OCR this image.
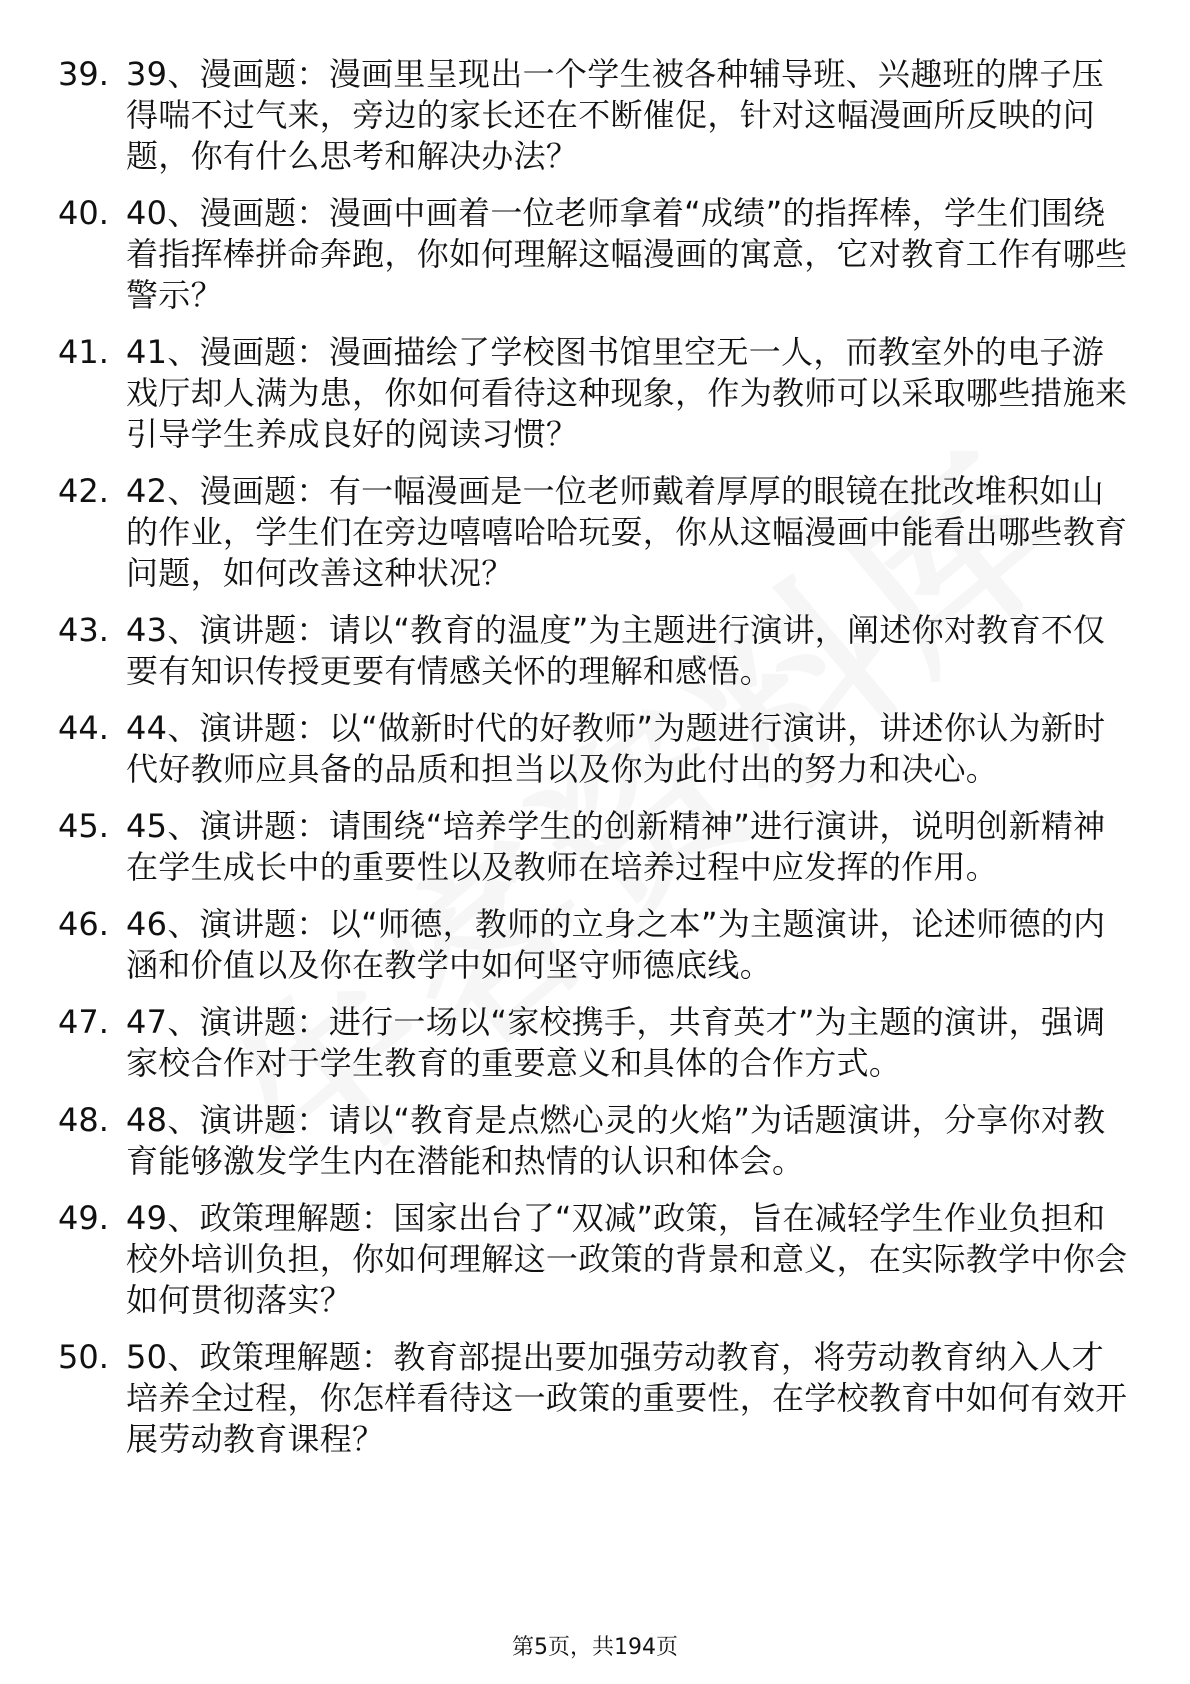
39. 39、漫画题：漫画里呈现出一个学生被各种辅导班、兴趣班的牌子压得喘不过气来，旁边的家长还在不断催促，针对这幅漫画所反映的问题，你有什么思考和解决办法？
40. 40、漫画题：漫画中画着一位老师拿着“成绩”的指挥棒，学生们围绕着指挥棒拼命奔跑，你如何理解这幅漫画的寓意，它对教育工作有哪些警示？
41. 41、漫画题：漫画描绘了学校图书馆里空无一人，而教室外的电子游戏厅却人满为患，你如何看待这种现象，作为教师可以采取哪些措施来引导学生养成良好的阅读习惯？
42. 42、漫画题：有一幅漫画是一位老师戴着厚厚的眼镜在批改堆积如山的作业，学生们在旁边嘻嘻哈哈玩耍，你从这幅漫画中能看出哪些教育问题，如何改善这种状况？
43. 43、演讲题：请以“教育的温度”为主题进行演讲，阐述你对教育不仅要有知识传授更要有情感关怀的理解和感悟。
44. 44、演讲题：以“做新时代的好教师”为题进行演讲，讲述你认为新时代好教师应具备的品质和担当以及你为此付出的努力和决心。
45. 45、演讲题：请围绕“培养学生的创新精神”进行演讲，说明创新精神在学生成长中的重要性以及教师在培养过程中应发挥的作用。
46. 46、演讲题：以“师德，教师的立身之本”为主题演讲，论述师德的内涵和价值以及你在教学中如何坚守师德底线。
47. 47、演讲题：进行一场以“家校携手，共育英才”为主题的演讲，强调家校合作对于学生教育的重要意义和具体的合作方式。
48. 48、演讲题：请以“教育是点燃心灵的火焰”为话题演讲，分享你对教育能够激发学生内在潜能和热情的认识和体会。
49. 49、政策理解题：国家出台了“双减”政策，旨在减轻学生作业负担和校外培训负担，你如何理解这一政策的背景和意义，在实际教学中你会如何贯彻落实？
50. 50、政策理解题：教育部提出要加强劳动教育，将劳动教育纳入人才培养全过程，你怎样看待这一政策的重要性，在学校教育中如何有效开展劳动教育课程？
第5页，共194页
